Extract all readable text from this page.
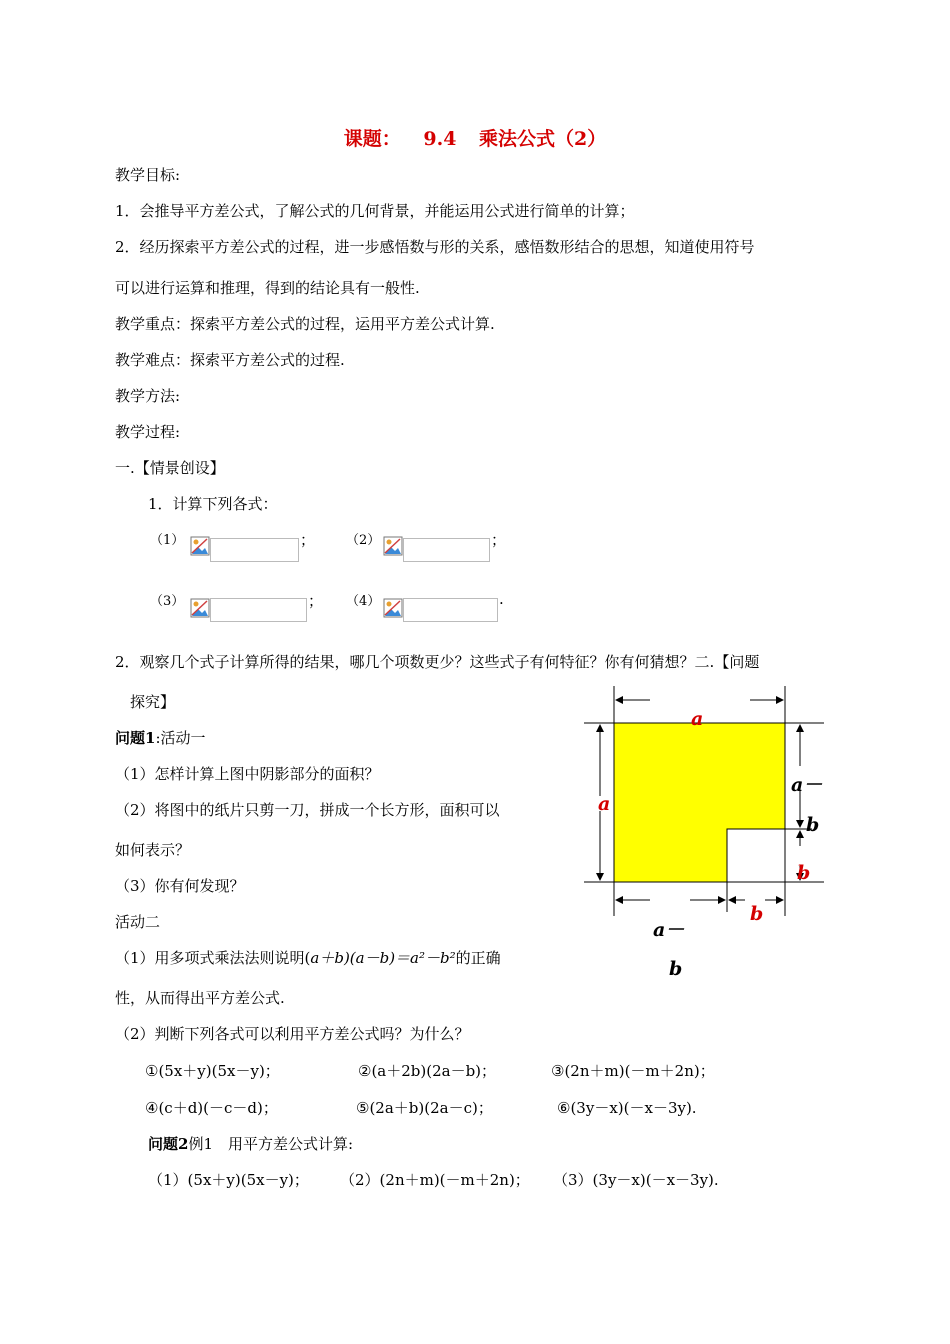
课题： 9.4 乘法公式（2）
教学目标:
1．会推导平方差公式，了解公式的几何背景，并能运用公式进行简单的计算；
2．经历探索平方差公式的过程，进一步感悟数与形的关系，感悟数形结合的思想，知道使用符号
可以进行运算和推理，得到的结论具有一般性.
教学重点：探索平方差公式的过程，运用平方差公式计算.
教学难点：探索平方差公式的过程.
教学方法:
教学过程:
一.【情景创设】
1．计算下列各式：
（1）	； （2）	；
（3）	； （4）	.
2．观察几个式子计算所得的结果，哪几个项数更少？这些式子有何特征？你有何猜想？二.【问题
探究】
问题1:活动一
（1）怎样计算上图中阴影部分的面积？
（2）将图中的纸片只剪一刀，拼成一个长方形，面积可以
如何表示？
（3）你有何发现？
活动二
（1）用多项式乘法法则说明(a＋b)(a－b)＝a²－b²的正确
性，从而得出平方差公式.
（2）判断下列各式可以利用平方差公式吗？为什么？
①(5x＋y)(5x－y)；	②(a＋2b)(2a－b)；	③(2n＋m)(－m＋2n)；
④(c＋d)(－c－d)；	⑤(2a＋b)(2a－c)；	⑥(3y－x)(－x－3y).
问题2例1　用平方差公式计算:
（1）(5x＋y)(5x－y)； （2）(2n＋m)(－m＋2n)； （3）(3y－x)(－x－3y).
a
a
a－
b
b
b
a－
b
